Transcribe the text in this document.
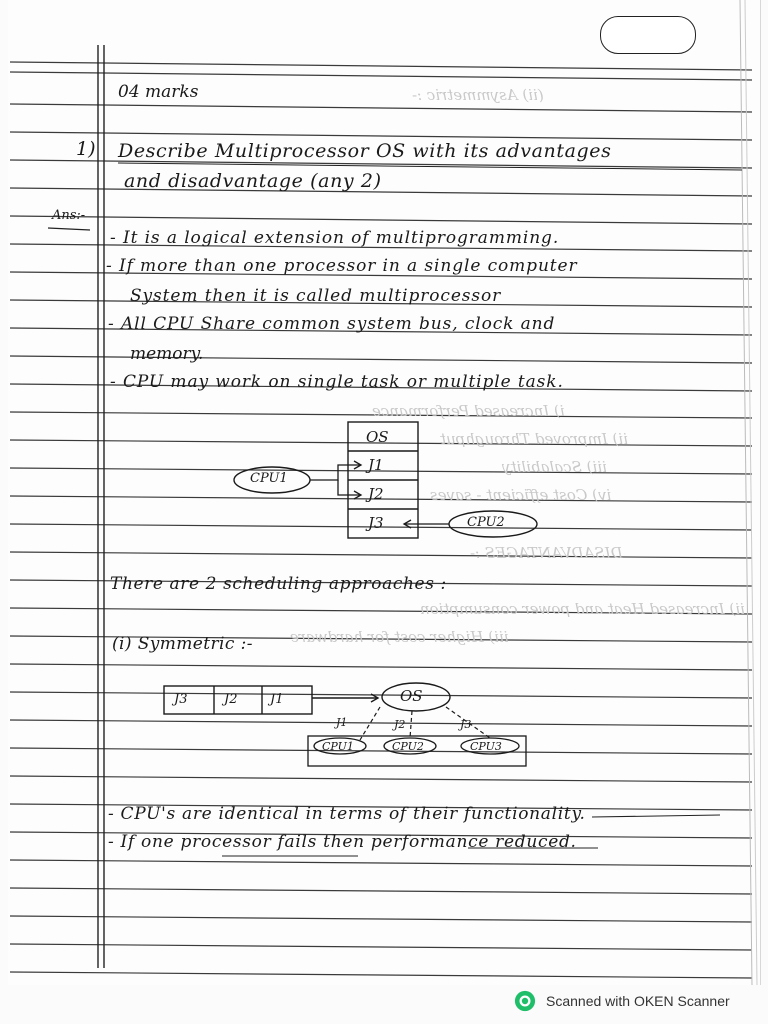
(ii) Asymmetric :-
i) Increased Performance
ii) Improved Throughput
iii) Scalability
iv) Cost efficient - saves
DISADVANTAGES :-
ii) Increased Heat and power consumption
iii) Higher cost for hardware
04 marks
1) Describe Multiprocessor OS with its advantages
and disadvantage (any 2)
Ans:-
- It is a logical extension of multiprogramming.
- If more than one processor in a single computer
System then it is called multiprocessor
- All CPU Share common system bus, clock and
memory.
- CPU may work on single task or multiple task.
OS
J1
J2
J3
CPU1
CPU2
There are 2 scheduling approaches :
(i) Symmetric :-
J3	J2	J1	OS
J1	J2	J3
CPU1	CPU2	CPU3
- CPU's are identical in terms of their functionality.
- If one processor fails then performance reduced.
Scanned with OKEN Scanner
